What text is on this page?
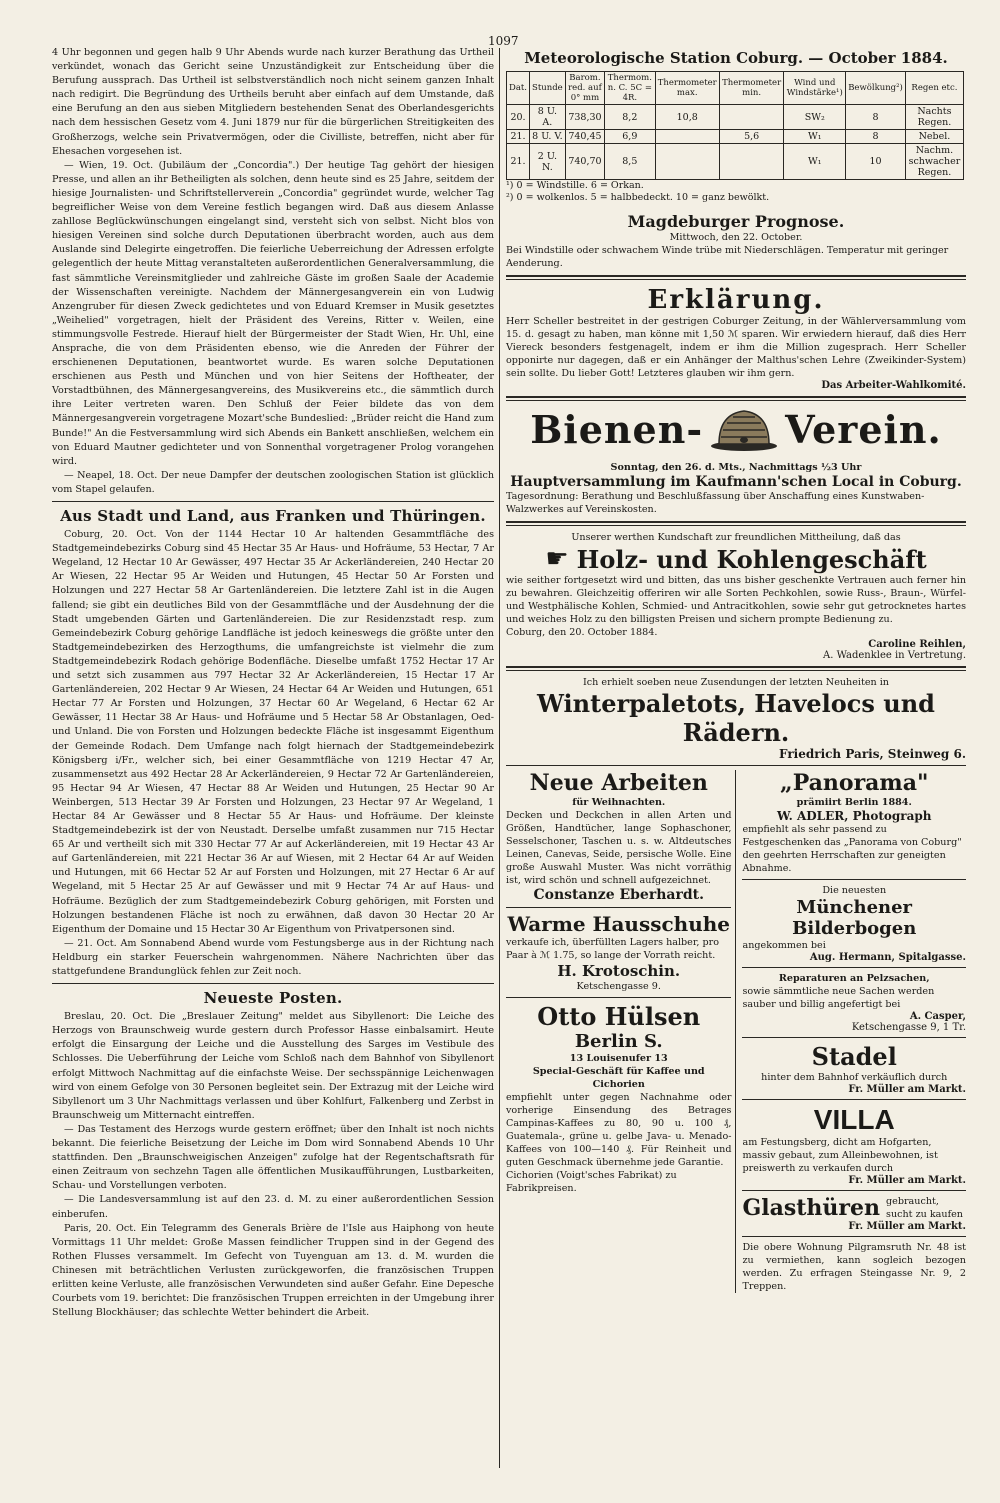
1097

4 Uhr begonnen und gegen halb 9 Uhr Abends wurde nach kurzer Berathung das Urtheil verkündet, wonach das Gericht seine Unzuständigkeit zur Entscheidung über die Berufung aussprach. Das Urtheil ist selbstverständlich noch nicht seinem ganzen Inhalt nach redigirt. Die Begründung des Urtheils beruht aber einfach auf dem Umstande, daß eine Berufung an den aus sieben Mitgliedern bestehenden Senat des Oberlandesgerichts nach dem hessischen Gesetz vom 4. Juni 1879 nur für die bürgerlichen Streitigkeiten des Großherzogs, welche sein Privatvermögen, oder die Civilliste, betreffen, nicht aber für Ehesachen vorgesehen ist.

— Wien, 19. Oct. (Jubiläum der „Concordia".) Der heutige Tag gehört der hiesigen Presse, und allen an ihr Betheiligten als solchen, denn heute sind es 25 Jahre, seitdem der hiesige Journalisten- und Schriftstellerverein „Concordia" gegründet wurde, welcher Tag begreiflicher Weise von dem Vereine festlich begangen wird. Daß aus diesem Anlasse zahllose Beglückwünschungen eingelangt sind, versteht sich von selbst. Nicht blos von hiesigen Vereinen sind solche durch Deputationen überbracht worden, auch aus dem Auslande sind Delegirte eingetroffen. Die feierliche Ueberreichung der Adressen erfolgte gelegentlich der heute Mittag veranstalteten außerordentlichen Generalversammlung, die fast sämmtliche Vereinsmitglieder und zahlreiche Gäste im großen Saale der Academie der Wissenschaften vereinigte. Nachdem der Männergesangverein ein von Ludwig Anzengruber für diesen Zweck gedichtetes und von Eduard Kremser in Musik gesetztes „Weihelied" vorgetragen, hielt der Präsident des Vereins, Ritter v. Weilen, eine stimmungsvolle Festrede. Hierauf hielt der Bürgermeister der Stadt Wien, Hr. Uhl, eine Ansprache, die von dem Präsidenten ebenso, wie die Anreden der Führer der erschienenen Deputationen, beantwortet wurde. Es waren solche Deputationen erschienen aus Pesth und München und von hier Seitens der Hoftheater, der Vorstadtbühnen, des Männergesangvereins, des Musikvereins etc., die sämmtlich durch ihre Leiter vertreten waren. Den Schluß der Feier bildete das von dem Männergesangverein vorgetragene Mozart'sche Bundeslied: „Brüder reicht die Hand zum Bunde!" An die Festversammlung wird sich Abends ein Bankett anschließen, welchem ein von Eduard Mautner gedichteter und von Sonnenthal vorgetragener Prolog vorangehen wird.

— Neapel, 18. Oct. Der neue Dampfer der deutschen zoologischen Station ist glücklich vom Stapel gelaufen.

Aus Stadt und Land, aus Franken und Thüringen.

Coburg, 20. Oct. Von der 1144 Hectar 10 Ar haltenden Gesammtfläche des Stadtgemeindebezirks Coburg sind 45 Hectar 35 Ar Haus- und Hofräume, 53 Hectar, 7 Ar Wegeland, 12 Hectar 10 Ar Gewässer, 497 Hectar 35 Ar Ackerländereien, 240 Hectar 20 Ar Wiesen, 22 Hectar 95 Ar Weiden und Hutungen, 45 Hectar 50 Ar Forsten und Holzungen und 227 Hectar 58 Ar Gartenländereien. Die letztere Zahl ist in die Augen fallend; sie gibt ein deutliches Bild von der Gesammtfläche und der Ausdehnung der die Stadt umgebenden Gärten und Gartenländereien. Die zur Residenzstadt resp. zum Gemeindebezirk Coburg gehörige Landfläche ist jedoch keineswegs die größte unter den Stadtgemeindebezirken des Herzogthums, die umfangreichste ist vielmehr die zum Stadtgemeindebezirk Rodach gehörige Bodenfläche. Dieselbe umfaßt 1752 Hectar 17 Ar und setzt sich zusammen aus 797 Hectar 32 Ar Ackerländereien, 15 Hectar 17 Ar Gartenländereien, 202 Hectar 9 Ar Wiesen, 24 Hectar 64 Ar Weiden und Hutungen, 651 Hectar 77 Ar Forsten und Holzungen, 37 Hectar 60 Ar Wegeland, 6 Hectar 62 Ar Gewässer, 11 Hectar 38 Ar Haus- und Hofräume und 5 Hectar 58 Ar Obstanlagen, Oed- und Unland. Die von Forsten und Holzungen bedeckte Fläche ist insgesammt Eigenthum der Gemeinde Rodach. Dem Umfange nach folgt hiernach der Stadtgemeindebezirk Königsberg i/Fr., welcher sich, bei einer Gesammtfläche von 1219 Hectar 47 Ar, zusammensetzt aus 492 Hectar 28 Ar Ackerländereien, 9 Hectar 72 Ar Gartenländereien, 95 Hectar 94 Ar Wiesen, 47 Hectar 88 Ar Weiden und Hutungen, 25 Hectar 90 Ar Weinbergen, 513 Hectar 39 Ar Forsten und Holzungen, 23 Hectar 97 Ar Wegeland, 1 Hectar 84 Ar Gewässer und 8 Hectar 55 Ar Haus- und Hofräume. Der kleinste Stadtgemeindebezirk ist der von Neustadt. Derselbe umfaßt zusammen nur 715 Hectar 65 Ar und vertheilt sich mit 330 Hectar 77 Ar auf Ackerländereien, mit 19 Hectar 43 Ar auf Gartenländereien, mit 221 Hectar 36 Ar auf Wiesen, mit 2 Hectar 64 Ar auf Weiden und Hutungen, mit 66 Hectar 52 Ar auf Forsten und Holzungen, mit 27 Hectar 6 Ar auf Wegeland, mit 5 Hectar 25 Ar auf Gewässer und mit 9 Hectar 74 Ar auf Haus- und Hofräume. Bezüglich der zum Stadtgemeindebezirk Coburg gehörigen, mit Forsten und Holzungen bestandenen Fläche ist noch zu erwähnen, daß davon 30 Hectar 20 Ar Eigenthum der Domaine und 15 Hectar 30 Ar Eigenthum von Privatpersonen sind.

— 21. Oct. Am Sonnabend Abend wurde vom Festungsberge aus in der Richtung nach Heldburg ein starker Feuerschein wahrgenommen. Nähere Nachrichten über das stattgefundene Brandunglück fehlen zur Zeit noch.

Neueste Posten.

Breslau, 20. Oct. Die „Breslauer Zeitung" meldet aus Sibyllenort: Die Leiche des Herzogs von Braunschweig wurde gestern durch Professor Hasse einbalsamirt. Heute erfolgt die Einsargung der Leiche und die Ausstellung des Sarges im Vestibule des Schlosses. Die Ueberführung der Leiche vom Schloß nach dem Bahnhof von Sibyllenort erfolgt Mittwoch Nachmittag auf die einfachste Weise. Der sechsspännige Leichenwagen wird von einem Gefolge von 30 Personen begleitet sein. Der Extrazug mit der Leiche wird Sibyllenort um 3 Uhr Nachmittags verlassen und über Kohlfurt, Falkenberg und Zerbst in Braunschweig um Mitternacht eintreffen.

— Das Testament des Herzogs wurde gestern eröffnet; über den Inhalt ist noch nichts bekannt. Die feierliche Beisetzung der Leiche im Dom wird Sonnabend Abends 10 Uhr stattfinden. Den „Braunschweigischen Anzeigen" zufolge hat der Regentschaftsrath für einen Zeitraum von sechzehn Tagen alle öffentlichen Musikaufführungen, Lustbarkeiten, Schau- und Vorstellungen verboten.

— Die Landesversammlung ist auf den 23. d. M. zu einer außerordentlichen Session einberufen.

Paris, 20. Oct. Ein Telegramm des Generals Brière de l'Isle aus Haiphong von heute Vormittags 11 Uhr meldet: Große Massen feindlicher Truppen sind in der Gegend des Rothen Flusses versammelt. Im Gefecht von Tuyenguan am 13. d. M. wurden die Chinesen mit beträchtlichen Verlusten zurückgeworfen, die französischen Truppen erlitten keine Verluste, alle französischen Verwundeten sind außer Gefahr. Eine Depesche Courbets vom 19. berichtet: Die französischen Truppen erreichten in der Umgebung ihrer Stellung Blockhäuser; das schlechte Wetter behindert die Arbeit.

Meteorologische Station Coburg. — October 1884.
Dat.	Stunde	Barom. red. auf 0° mm	Thermom. n. C. 5C = 4R.	Thermometer max.	Thermometer min.	Wind und Windstärke¹)	Bewölkung²)	Regen etc.
20.	8 U. A.	738,30	8,2	10,8		SW₂	8	Nachts Regen.
21.	8 U. V.	740,45	6,9		5,6	W₁	8	Nebel.
21.	2 U. N.	740,70	8,5			W₁	10	Nachm. schwacher Regen.
¹) 0 = Windstille. 6 = Orkan.
²) 0 = wolkenlos. 5 = halbbedeckt. 10 = ganz bewölkt.
Magdeburger Prognose.
Mittwoch, den 22. October.
Bei Windstille oder schwachem Winde trübe mit Niederschlägen. Temperatur mit geringer Aenderung.
Erklärung.
Herr Scheller bestreitet in der gestrigen Coburger Zeitung, in der Wählerversammlung vom 15. d. gesagt zu haben, man könne mit 1,50 ℳ sparen. Wir erwiedern hierauf, daß dies Herr Viereck besonders festgenagelt, indem er ihm die Million zugesprach. Herr Scheller opponirte nur dagegen, daß er ein Anhänger der Malthus'schen Lehre (Zweikinder-System) sein sollte. Du lieber Gott! Letzteres glauben wir ihm gern.
Das Arbeiter-Wahlkomité.
Bienen- Verein.
Sonntag, den 26. d. Mts., Nachmittags ½3 Uhr
Hauptversammlung im Kaufmann'schen Local in Coburg.
Tagesordnung: Berathung und Beschlußfassung über Anschaffung eines Kunstwaben-Walzwerkes auf Vereinskosten.
Unserer werthen Kundschaft zur freundlichen Mittheilung, daß das
☛ Holz- und Kohlengeschäft
wie seither fortgesetzt wird und bitten, das uns bisher geschenkte Vertrauen auch ferner hin zu bewahren. Gleichzeitig offeriren wir alle Sorten Pechkohlen, sowie Russ-, Braun-, Würfel- und Westphälische Kohlen, Schmied- und Antracitkohlen, sowie sehr gut getrocknetes hartes und weiches Holz zu den billigsten Preisen und sichern prompte Bedienung zu.
Coburg, den 20. October 1884.
Caroline Reihlen,
A. Wadenklee in Vertretung.
Ich erhielt soeben neue Zusendungen der letzten Neuheiten in
Winterpaletots, Havelocs und Rädern.
Friedrich Paris, Steinweg 6.
Neue Arbeiten
für Weihnachten.
Decken und Deckchen in allen Arten und Größen, Handtücher, lange Sophaschoner, Sesselschoner, Taschen u. s. w. Altdeutsches Leinen, Canevas, Seide, persische Wolle. Eine große Auswahl Muster. Was nicht vorräthig ist, wird schön und schnell aufgezeichnet.
Constanze Eberhardt.
Warme Hausschuhe
verkaufe ich, überfüllten Lagers halber, pro Paar à ℳ 1.75, so lange der Vorrath reicht.
H. Krotoschin.
Ketschengasse 9.
Otto Hülsen
Berlin S.
13 Louisenufer 13
Special-Geschäft für Kaffee und Cichorien
empfiehlt unter gegen Nachnahme oder vorherige Einsendung des Betrages Campinas-Kaffees zu 80, 90 u. 100 ₰, Guatemala-, grüne u. gelbe Java- u. Menado-Kaffees von 100—140 ₰. Für Reinheit und guten Geschmack übernehme jede Garantie.
Cichorien (Voigt'sches Fabrikat) zu Fabrikpreisen.
„Panorama"
prämiirt Berlin 1884.
W. ADLER, Photograph
empfiehlt als sehr passend zu Festgeschenken das „Panorama von Coburg" den geehrten Herrschaften zur geneigten Abnahme.
Die neuesten
Münchener Bilderbogen
angekommen bei
Aug. Hermann, Spitalgasse.
Reparaturen an Pelzsachen,
sowie sämmtliche neue Sachen werden sauber und billig angefertigt bei
A. Casper,
Ketschengasse 9, 1 Tr.
Stadel
hinter dem Bahnhof verkäuflich durch
Fr. Müller am Markt.
VILLA
am Festungsberg, dicht am Hofgarten, massiv gebaut, zum Alleinbewohnen, ist preiswerth zu verkaufen durch
Fr. Müller am Markt.
Glasthüren gebraucht, sucht zu kaufen
Fr. Müller am Markt.
Die obere Wohnung Pilgramsruth Nr. 48 ist zu vermiethen, kann sogleich bezogen werden. Zu erfragen Steingasse Nr. 9, 2 Treppen.
